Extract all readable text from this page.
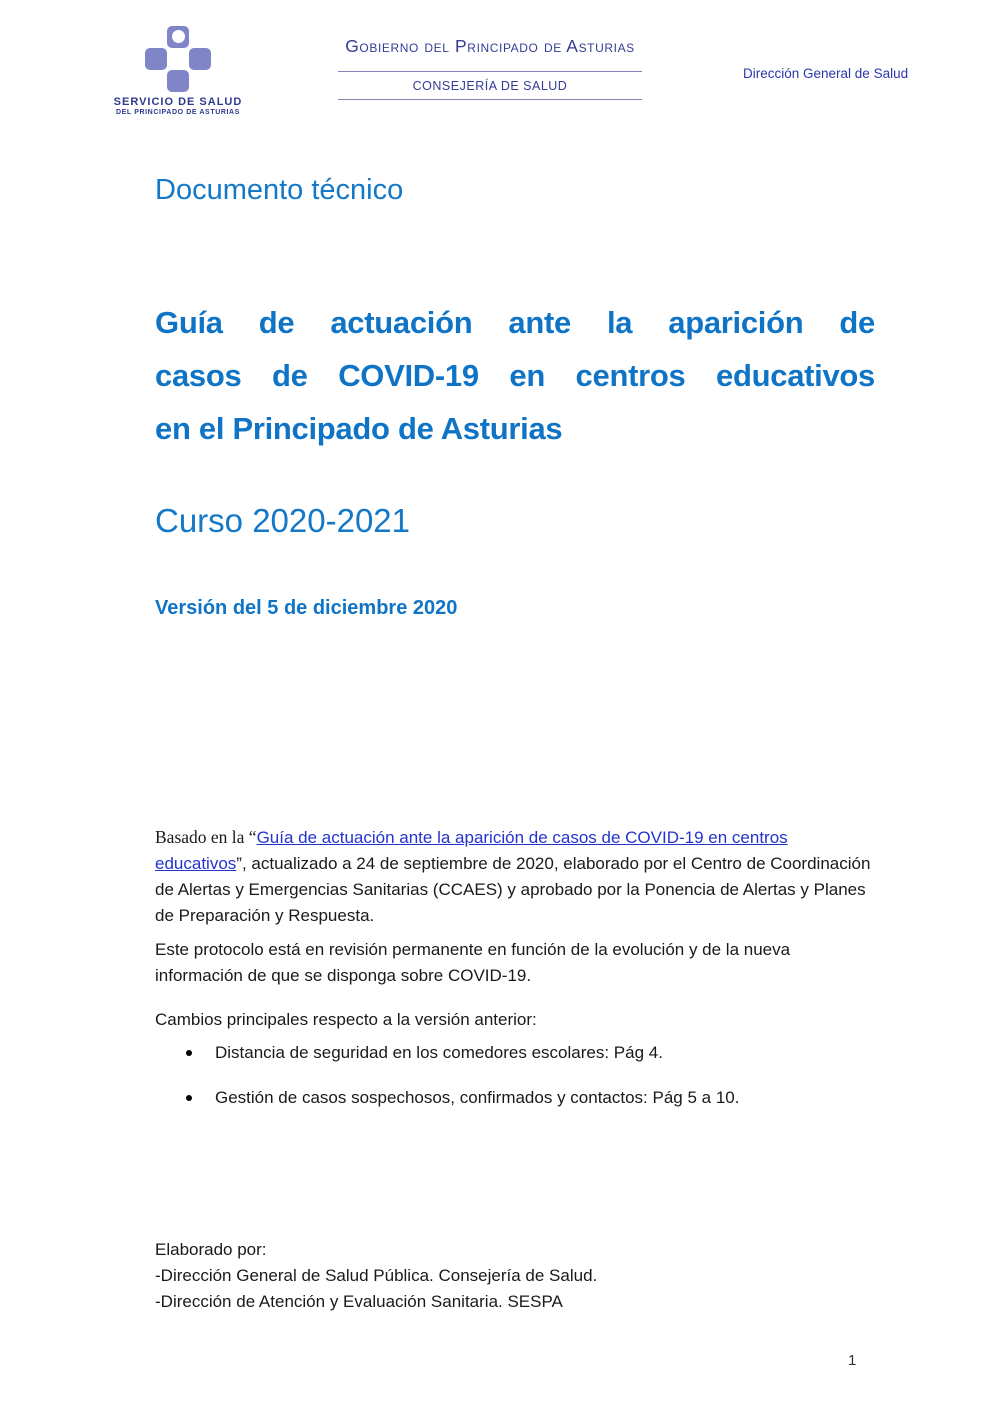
SERVICIO DE SALUD
DEL PRINCIPADO DE ASTURIAS
Gobierno del Principado de Asturias
CONSEJERÍA DE SALUD
Dirección General de Salud
Documento técnico
Guía de actuación ante la aparición de
casos de COVID-19 en centros educativos
en el Principado de Asturias
Curso 2020-2021
Versión del 5 de diciembre 2020
Basado en la “Guía de actuación ante la aparición de casos de COVID-19 en centros educativos”, actualizado a 24 de septiembre de 2020, elaborado por el Centro de Coordinación de Alertas y Emergencias Sanitarias (CCAES) y aprobado por la Ponencia de Alertas y Planes de Preparación y Respuesta.
Este protocolo está en revisión permanente en función de la evolución y de la nueva información de que se disponga sobre COVID-19.
Cambios principales respecto a la versión anterior:
Distancia de seguridad en los comedores escolares: Pág 4.
Gestión de casos sospechosos, confirmados y contactos: Pág 5 a 10.
Elaborado por:
-Dirección General de Salud Pública. Consejería de Salud.
-Dirección de Atención y Evaluación Sanitaria. SESPA
1
